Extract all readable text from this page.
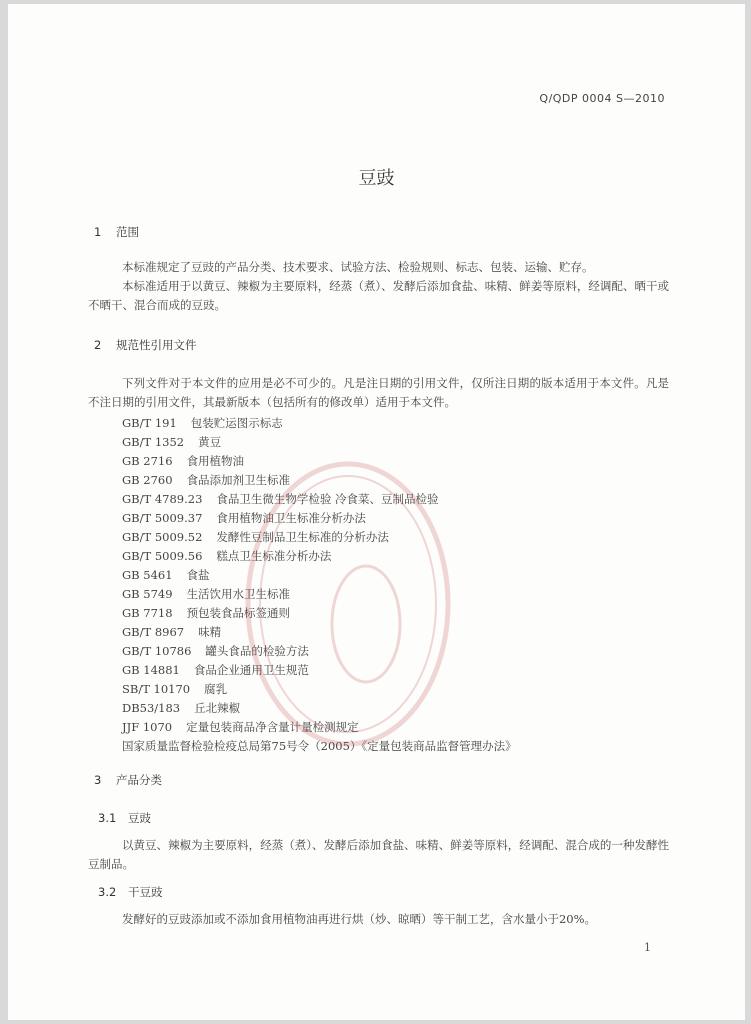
Q/QDP 0004 S—2010
豆豉
1 范围
本标准规定了豆豉的产品分类、技术要求、试验方法、检验规则、标志、包装、运输、贮存。
本标准适用于以黄豆、辣椒为主要原料，经蒸（煮）、发酵后添加食盐、味精、鲜姜等原料，经调配、晒干或不晒干、混合而成的豆豉。
2 规范性引用文件
下列文件对于本文件的应用是必不可少的。凡是注日期的引用文件，仅所注日期的版本适用于本文件。凡是不注日期的引用文件，其最新版本（包括所有的修改单）适用于本文件。
GB/T 191 包装贮运图示标志
GB/T 1352 黄豆
GB 2716 食用植物油
GB 2760 食品添加剂卫生标准
GB/T 4789.23 食品卫生微生物学检验 冷食菜、豆制品检验
GB/T 5009.37 食用植物油卫生标准分析办法
GB/T 5009.52 发酵性豆制品卫生标准的分析办法
GB/T 5009.56 糕点卫生标准分析办法
GB 5461 食盐
GB 5749 生活饮用水卫生标准
GB 7718 预包装食品标签通则
GB/T 8967 味精
GB/T 10786 罐头食品的检验方法
GB 14881 食品企业通用卫生规范
SB/T 10170 腐乳
DB53/183 丘北辣椒
JJF 1070 定量包装商品净含量计量检测规定
国家质量监督检验检疫总局第75号令（2005）《定量包装商品监督管理办法》
3 产品分类
3.1 豆豉
以黄豆、辣椒为主要原料，经蒸（煮）、发酵后添加食盐、味精、鲜姜等原料，经调配、混合成的一种发酵性豆制品。
3.2 干豆豉
发酵好的豆豉添加或不添加食用植物油再进行烘（炒、晾晒）等干制工艺，含水量小于20%。
1
